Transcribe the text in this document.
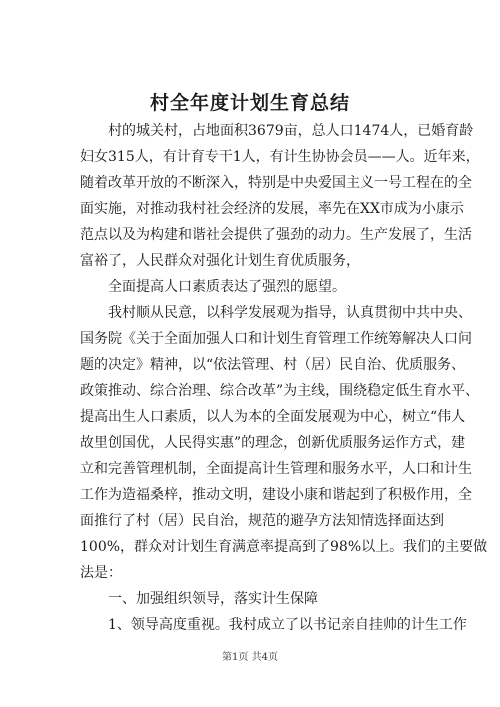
村全年度计划生育总结
村的城关村，占地面积3679亩，总人口1474人，已婚育龄
妇女315人，有计育专干1人，有计生协协会员——人。近年来，
随着改革开放的不断深入，特别是中央爱国主义一号工程在的全
面实施，对推动我村社会经济的发展，率先在XX市成为小康示
范点以及为构建和谐社会提供了强劲的动力。生产发展了，生活
富裕了，人民群众对强化计划生育优质服务，
全面提高人口素质表达了强烈的愿望。
我村顺从民意，以科学发展观为指导，认真贯彻中共中央、
国务院《关于全面加强人口和计划生育管理工作统筹解决人口问
题的决定》精神，以“依法管理、村（居）民自治、优质服务、
政策推动、综合治理、综合改革”为主线，围绕稳定低生育水平、
提高出生人口素质，以人为本的全面发展观为中心，树立“伟人
故里创国优，人民得实惠”的理念，创新优质服务运作方式，建
立和完善管理机制，全面提高计生管理和服务水平，人口和计生
工作为造福桑梓，推动文明，建设小康和谐起到了积极作用，全
面推行了村（居）民自治，规范的避孕方法知情选择面达到
100%，群众对计划生育满意率提高到了98%以上。我们的主要做
法是：
一、加强组织领导，落实计生保障
1、领导高度重视。我村成立了以书记亲自挂帅的计生工作
第1页 共4页
